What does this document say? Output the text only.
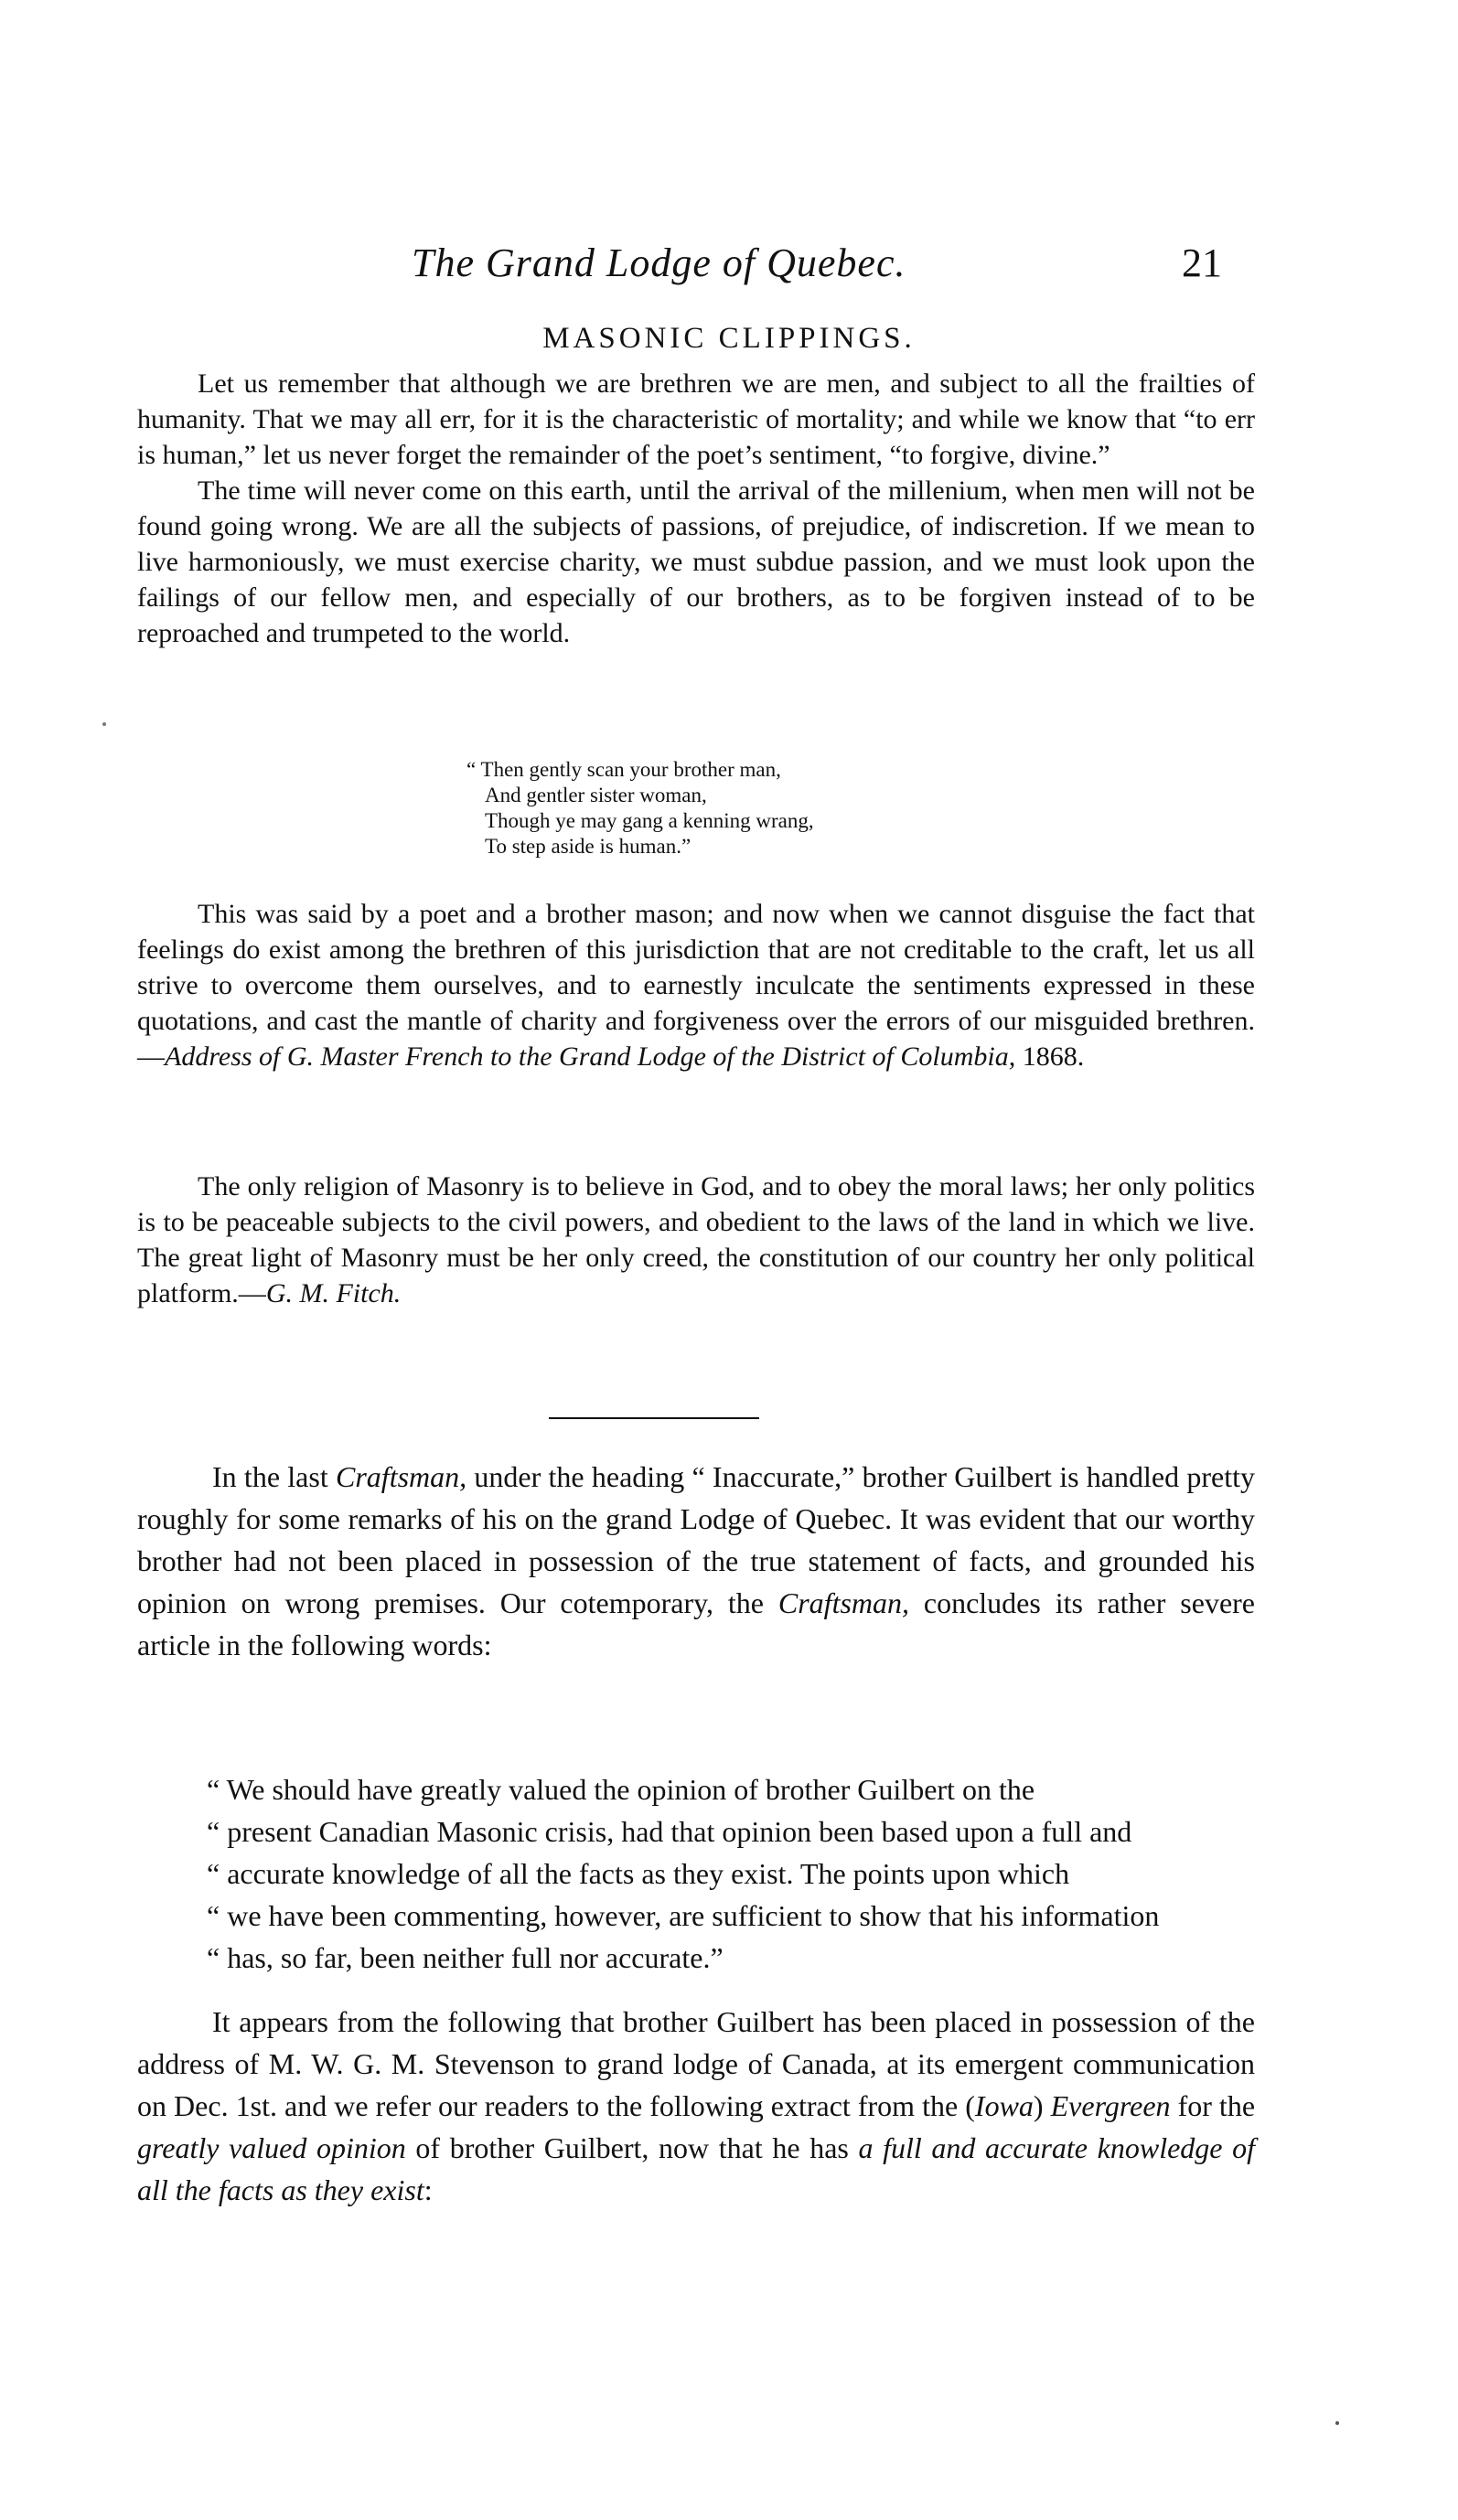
The Grand Lodge of Quebec.	21
MASONIC CLIPPINGS.

Let us remember that although we are brethren we are men, and subject to all the frailties of humanity. That we may all err, for it is the characteristic of mortality; and while we know that “to err is human,” let us never forget the remainder of the poet’s sentiment, “to forgive, divine.”

The time will never come on this earth, until the arrival of the millenium, when men will not be found going wrong. We are all the subjects of passions, of prejudice, of indiscretion. If we mean to live harmoniously, we must exercise charity, we must subdue passion, and we must look upon the failings of our fellow men, and especially of our brothers, as to be forgiven instead of to be reproached and trumpeted to the world.

“ Then gently scan your brother man,
And gentler sister woman,
Though ye may gang a kenning wrang,
To step aside is human.”

This was said by a poet and a brother mason; and now when we cannot disguise the fact that feelings do exist among the brethren of this jurisdiction that are not creditable to the craft, let us all strive to overcome them ourselves, and to earnestly inculcate the sentiments expressed in these quotations, and cast the mantle of charity and forgiveness over the errors of our misguided brethren.—Address of G. Master French to the Grand Lodge of the District of Columbia, 1868.

The only religion of Masonry is to believe in God, and to obey the moral laws; her only politics is to be peaceable subjects to the civil powers, and obedient to the laws of the land in which we live. The great light of Masonry must be her only creed, the constitution of our country her only political platform.—G. M. Fitch.

In the last Craftsman, under the heading “ Inaccurate,” brother Guilbert is handled pretty roughly for some remarks of his on the grand Lodge of Quebec. It was evident that our worthy brother had not been placed in possession of the true statement of facts, and grounded his opinion on wrong premises. Our cotemporary, the Craftsman, concludes its rather severe article in the following words:

“ We should have greatly valued the opinion of brother Guilbert on the
“ present Canadian Masonic crisis, had that opinion been based upon a full and
“ accurate knowledge of all the facts as they exist. The points upon which
“ we have been commenting, however, are sufficient to show that his information
“ has, so far, been neither full nor accurate.”

It appears from the following that brother Guilbert has been placed in possession of the address of M. W. G. M. Stevenson to grand lodge of Canada, at its emergent communication on Dec. 1st. and we refer our readers to the following extract from the (Iowa) Evergreen for the greatly valued opinion of brother Guilbert, now that he has a full and accurate knowledge of all the facts as they exist:
